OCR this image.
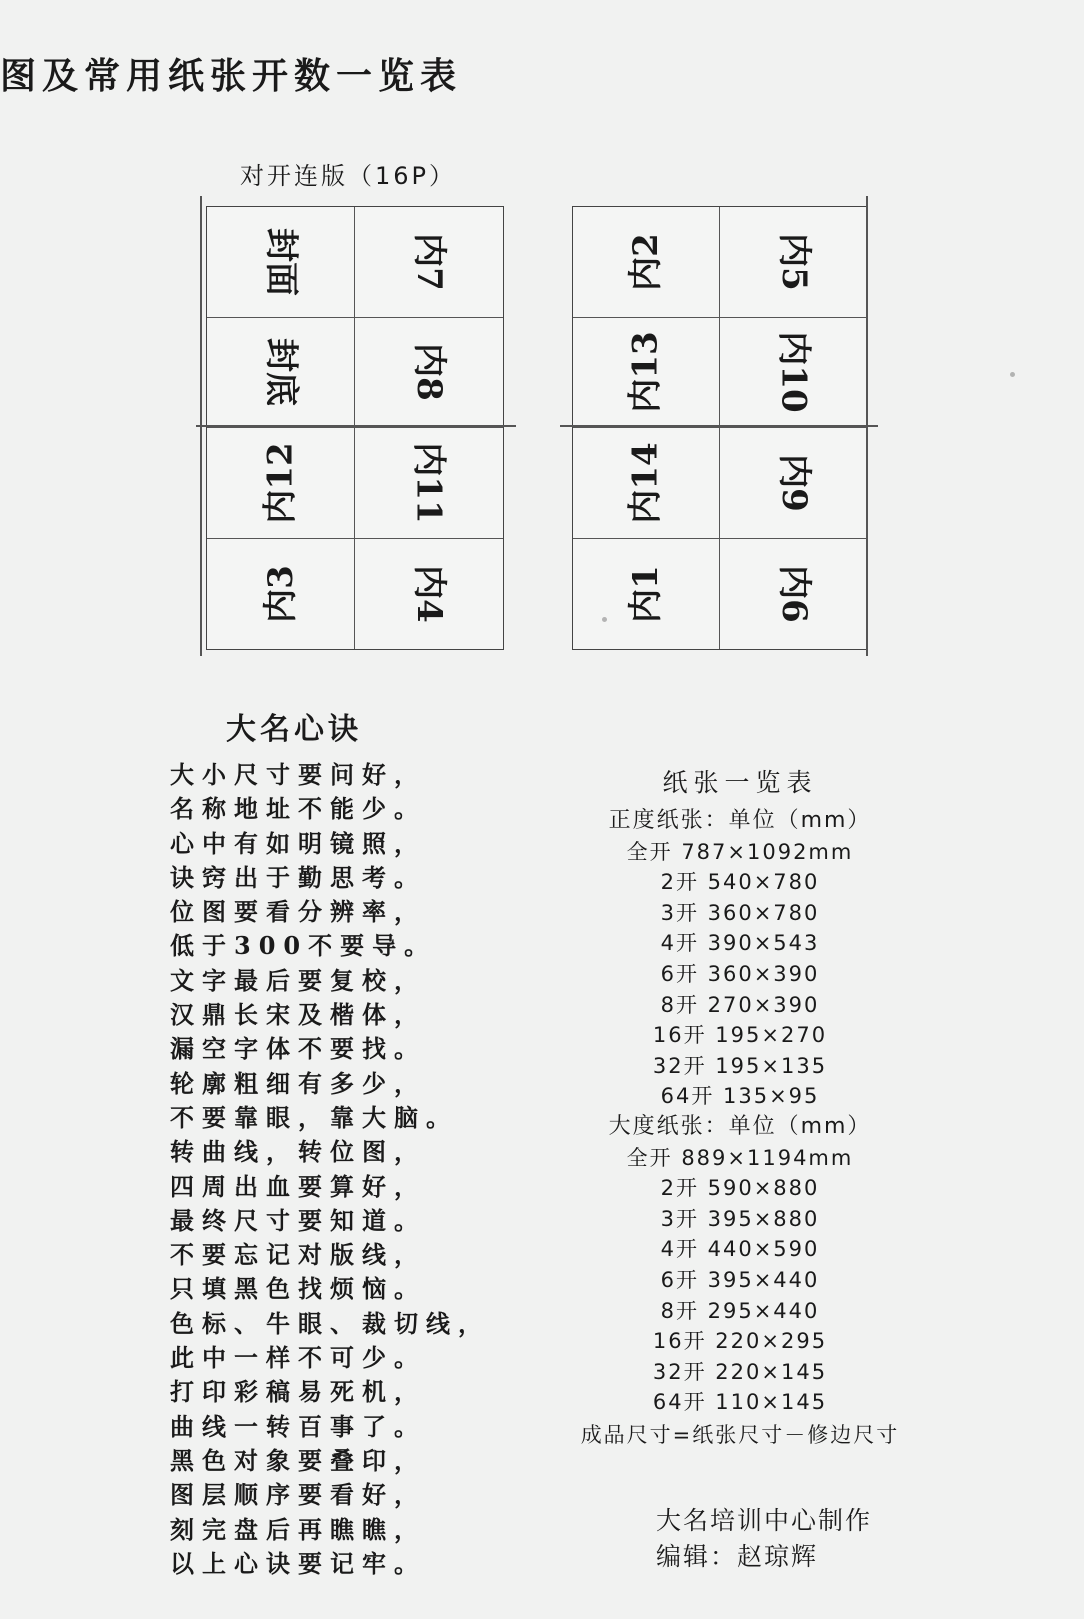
图及常用纸张开数一览表
对开连版（16P）
封面	内7
封底	内8
内12	内11
内3	内4
内2	内5
内13	内10
内14	内9
内1	内6
大名心诀
大小尺寸要问好，
名称地址不能少。
心中有如明镜照，
诀窍出于勤思考。
位图要看分辨率，
低于300不要导。
文字最后要复校，
汉鼎长宋及楷体，
漏空字体不要找。
轮廓粗细有多少，
不要靠眼，靠大脑。
转曲线，转位图，
四周出血要算好，
最终尺寸要知道。
不要忘记对版线，
只填黑色找烦恼。
色标、牛眼、裁切线，
此中一样不可少。
打印彩稿易死机，
曲线一转百事了。
黑色对象要叠印，
图层顺序要看好，
刻完盘后再瞧瞧，
以上心诀要记牢。
纸张一览表
正度纸张：单位（mm）
全开 787×1092mm
2开 540×780
3开 360×780
4开 390×543
6开 360×390
8开 270×390
16开 195×270
32开 195×135
64开 135×95
大度纸张：单位（mm）
全开 889×1194mm
2开 590×880
3开 395×880
4开 440×590
6开 395×440
8开 295×440
16开 220×295
32开 220×145
64开 110×145
成品尺寸=纸张尺寸－修边尺寸
大名培训中心制作
编辑：赵琼辉
